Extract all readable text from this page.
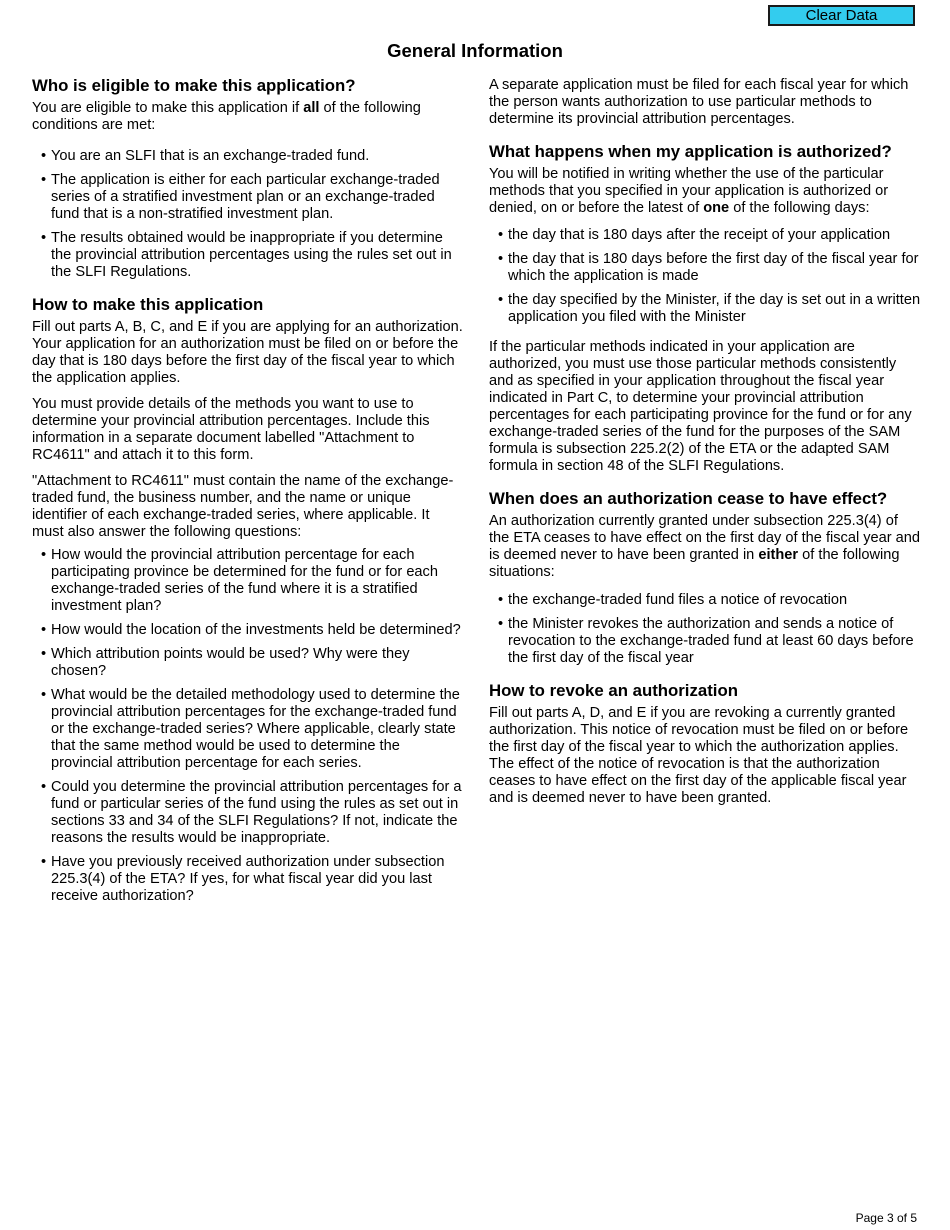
Clear Data
General Information
Who is eligible to make this application?

You are eligible to make this application if all of the following conditions are met:

• You are an SLFI that is an exchange-traded fund.
• The application is either for each particular exchange-traded series of a stratified investment plan or an exchange-traded fund that is a non-stratified investment plan.
• The results obtained would be inappropriate if you determine the provincial attribution percentages using the rules set out in the SLFI Regulations.
How to make this application

Fill out parts A, B, C, and E if you are applying for an authorization. Your application for an authorization must be filed on or before the day that is 180 days before the first day of the fiscal year to which the application applies.

You must provide details of the methods you want to use to determine your provincial attribution percentages. Include this information in a separate document labelled "Attachment to RC4611" and attach it to this form.

"Attachment to RC4611" must contain the name of the exchange-traded fund, the business number, and the name or unique identifier of each exchange-traded series, where applicable. It must also answer the following questions:

• How would the provincial attribution percentage for each participating province be determined for the fund or for each exchange-traded series of the fund where it is a stratified investment plan?
• How would the location of the investments held be determined?
• Which attribution points would be used? Why were they chosen?
• What would be the detailed methodology used to determine the provincial attribution percentages for the exchange-traded fund or the exchange-traded series? Where applicable, clearly state that the same method would be used to determine the provincial attribution percentage for each series.
• Could you determine the provincial attribution percentages for a fund or particular series of the fund using the rules as set out in sections 33 and 34 of the SLFI Regulations? If not, indicate the reasons the results would be inappropriate.
• Have you previously received authorization under subsection 225.3(4) of the ETA? If yes, for what fiscal year did you last receive authorization?

A separate application must be filed for each fiscal year for which the person wants authorization to use particular methods to determine its provincial attribution percentages.

What happens when my application is authorized?

You will be notified in writing whether the use of the particular methods that you specified in your application is authorized or denied, on or before the latest of one of the following days:

• the day that is 180 days after the receipt of your application
• the day that is 180 days before the first day of the fiscal year for which the application is made
• the day specified by the Minister, if the day is set out in a written application you filed with the Minister

If the particular methods indicated in your application are authorized, you must use those particular methods consistently and as specified in your application throughout the fiscal year indicated in Part C, to determine your provincial attribution percentages for each participating province for the fund or for any exchange-traded series of the fund for the purposes of the SAM formula is subsection 225.2(2) of the ETA or the adapted SAM formula in section 48 of the SLFI Regulations.

When does an authorization cease to have effect?

An authorization currently granted under subsection 225.3(4) of the ETA ceases to have effect on the first day of the fiscal year and is deemed never to have been granted in either of the following situations:

• the exchange-traded fund files a notice of revocation
• the Minister revokes the authorization and sends a notice of revocation to the exchange-traded fund at least 60 days before the first day of the fiscal year
How to revoke an authorization

Fill out parts A, D, and E if you are revoking a currently granted authorization. This notice of revocation must be filed on or before the first day of the fiscal year to which the authorization applies. The effect of the notice of revocation is that the authorization ceases to have effect on the first day of the applicable fiscal year and is deemed never to have been granted.

Page 3 of 5
